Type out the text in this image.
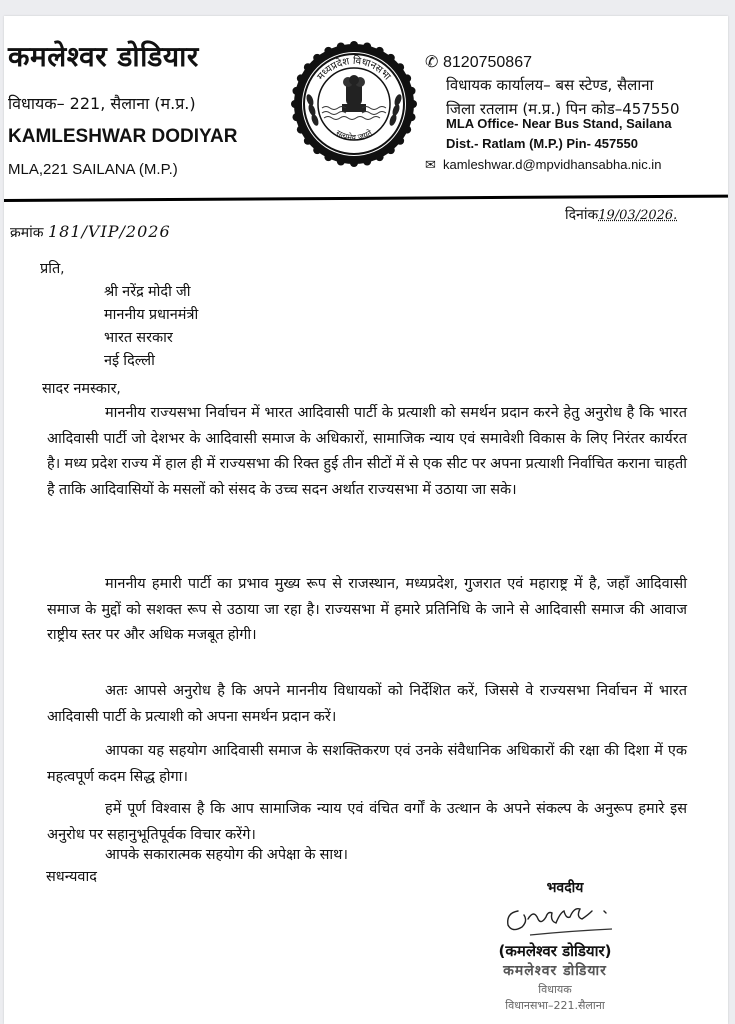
कमलेश्वर डोडियार
विधायक– 221, सैलाना (म.प्र.)
KAMLESHWAR DODIYAR
MLA,221 SAILANA (M.P.)
मध्यप्रदेश विधानसभा
सत्यमेव जयते
✆ 8120750867
विधायक कार्यालय– बस स्टेण्ड, सैलाना
जिला रतलाम (म.प्र.) पिन कोड–457550
MLA Office- Near Bus Stand, Sailana
Dist.- Ratlam (M.P.) Pin- 457550
✉ kamleshwar.d@mpvidhansabha.nic.in
क्रमांक 181/VIP/2026
दिनांक19/03/2026.
प्रति,
श्री नरेंद्र मोदी जी
माननीय प्रधानमंत्री
भारत सरकार
नई दिल्ली
सादर नमस्कार,
माननीय राज्यसभा निर्वाचन में भारत आदिवासी पार्टी के प्रत्याशी को समर्थन प्रदान करने हेतु अनुरोध है कि भारत आदिवासी पार्टी जो देशभर के आदिवासी समाज के अधिकारों, सामाजिक न्याय एवं समावेशी विकास के लिए निरंतर कार्यरत है। मध्य प्रदेश राज्य में हाल ही में राज्यसभा की रिक्त हुई तीन सीटों में से एक सीट पर अपना प्रत्याशी निर्वाचित कराना चाहती है ताकि आदिवासियों के मसलों को संसद के उच्च सदन अर्थात राज्यसभा में उठाया जा सके।
माननीय हमारी पार्टी का प्रभाव मुख्य रूप से राजस्थान, मध्यप्रदेश, गुजरात एवं महाराष्ट्र में है, जहाँ आदिवासी समाज के मुद्दों को सशक्त रूप से उठाया जा रहा है। राज्यसभा में हमारे प्रतिनिधि के जाने से आदिवासी समाज की आवाज राष्ट्रीय स्तर पर और अधिक मजबूत होगी।
अतः आपसे अनुरोध है कि अपने माननीय विधायकों को निर्देशित करें, जिससे वे राज्यसभा निर्वाचन में भारत आदिवासी पार्टी के प्रत्याशी को अपना समर्थन प्रदान करें।
आपका यह सहयोग आदिवासी समाज के सशक्तिकरण एवं उनके संवैधानिक अधिकारों की रक्षा की दिशा में एक महत्वपूर्ण कदम सिद्ध होगा।
हमें पूर्ण विश्वास है कि आप सामाजिक न्याय एवं वंचित वर्गों के उत्थान के अपने संकल्प के अनुरूप हमारे इस अनुरोध पर सहानुभूतिपूर्वक विचार करेंगे।
आपके सकारात्मक सहयोग की अपेक्षा के साथ।
सधन्यवाद
भवदीय
(कमलेश्वर डोडियार)
कमलेश्वर डोडियार
विधायक
विधानसभा–221.सैलाना
